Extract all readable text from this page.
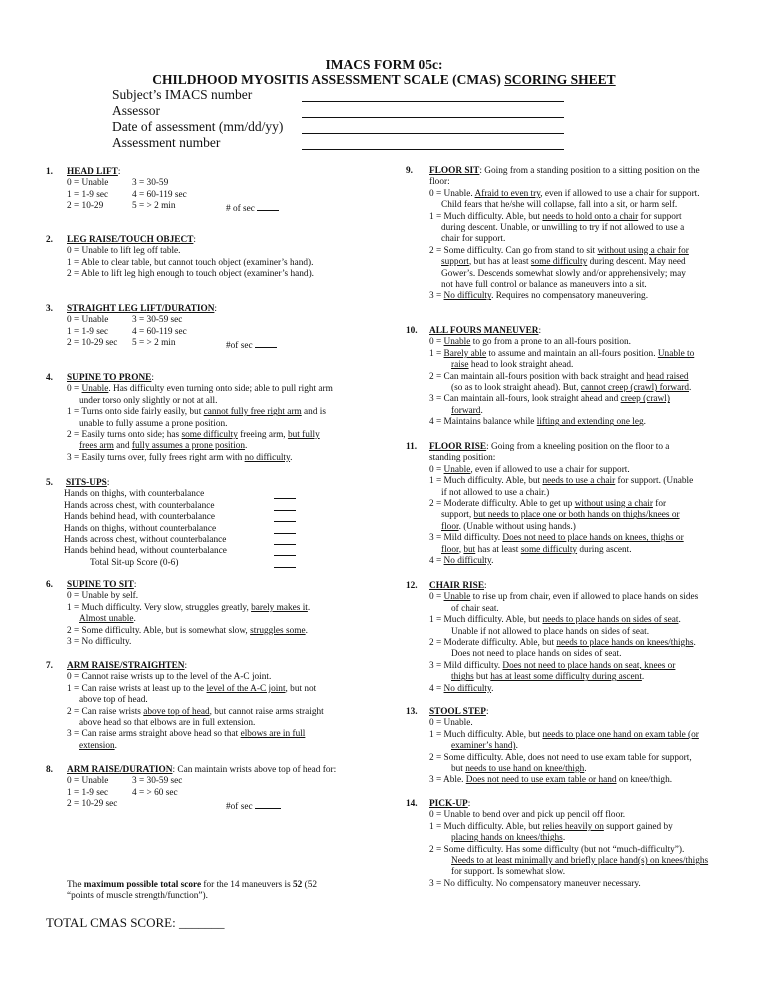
IMACS FORM 05c:
CHILDHOOD MYOSITIS ASSESSMENT SCALE (CMAS) SCORING SHEET
Subject’s IMACS number
Assessor
Date of assessment (mm/dd/yy)
Assessment number
1. HEAD LIFT:
0 = Unable
1 = 1-9 sec
2 = 10-29
3 = 30-59
4 = 60-119 sec
5 = > 2 min	# of sec
2. LEG RAISE/TOUCH OBJECT:
0 = Unable to lift leg off table.
1 = Able to clear table, but cannot touch object (examiner’s hand).
2 = Able to lift leg high enough to touch object (examiner’s hand).
3. STRAIGHT LEG LIFT/DURATION:
0 = Unable
1 = 1-9 sec
2 = 10-29 sec
3 = 30-59 sec
4 = 60-119 sec
5 = > 2 min	#of sec
4. SUPINE TO PRONE:
0 = Unable. Has difficulty even turning onto side; able to pull right arm
under torso only slightly or not at all.
1 = Turns onto side fairly easily, but cannot fully free right arm and is
unable to fully assume a prone position.
2 = Easily turns onto side; has some difficulty freeing arm, but fully
frees arm and fully assumes a prone position.
3 = Easily turns over, fully frees right arm with no difficulty.
5. SITS-UPS:
Hands on thighs, with counterbalance
Hands across chest, with counterbalance
Hands behind head, with counterbalance
Hands on thighs, without counterbalance
Hands across chest, without counterbalance
Hands behind head, without counterbalance
Total Sit-up Score (0-6)
6. SUPINE TO SIT:
0 = Unable by self.
1 = Much difficulty. Very slow, struggles greatly, barely makes it.
Almost unable.
2 = Some difficulty. Able, but is somewhat slow, struggles some.
3 = No difficulty.
7. ARM RAISE/STRAIGHTEN:
0 = Cannot raise wrists up to the level of the A-C joint.
1 = Can raise wrists at least up to the level of the A-C joint, but not
above top of head.
2 = Can raise wrists above top of head, but cannot raise arms straight
above head so that elbows are in full extension.
3 = Can raise arms straight above head so that elbows are in full
extension.
8. ARM RAISE/DURATION: Can maintain wrists above top of head for:
0 = Unable
1 = 1-9 sec
2 = 10-29 sec
3 = 30-59 sec
4 = > 60 sec
#of sec
The maximum possible total score for the 14 maneuvers is 52 (52
“points of muscle strength/function”).
TOTAL CMAS SCORE: _______
9. FLOOR SIT: Going from a standing position to a sitting position on the
floor:
0 = Unable. Afraid to even try, even if allowed to use a chair for support.
Child fears that he/she will collapse, fall into a sit, or harm self.
1 = Much difficulty. Able, but needs to hold onto a chair for support
during descent. Unable, or unwilling to try if not allowed to use a
chair for support.
2 = Some difficulty. Can go from stand to sit without using a chair for
support, but has at least some difficulty during descent. May need
Gower’s. Descends somewhat slowly and/or apprehensively; may
not have full control or balance as maneuvers into a sit.
3 = No difficulty. Requires no compensatory maneuvering.
10. ALL FOURS MANEUVER:
0 = Unable to go from a prone to an all-fours position.
1 = Barely able to assume and maintain an all-fours position. Unable to
raise head to look straight ahead.
2 = Can maintain all-fours position with back straight and head raised
(so as to look straight ahead). But, cannot creep (crawl) forward.
3 = Can maintain all-fours, look straight ahead and creep (crawl)
forward.
4 = Maintains balance while lifting and extending one leg.
11. FLOOR RISE: Going from a kneeling position on the floor to a
standing position:
0 = Unable, even if allowed to use a chair for support.
1 = Much difficulty. Able, but needs to use a chair for support. (Unable
if not allowed to use a chair.)
2 = Moderate difficulty. Able to get up without using a chair for
support, but needs to place one or both hands on thighs/knees or
floor. (Unable without using hands.)
3 = Mild difficulty. Does not need to place hands on knees, thighs or
floor, but has at least some difficulty during ascent.
4 = No difficulty.
12. CHAIR RISE:
0 = Unable to rise up from chair, even if allowed to place hands on sides
of chair seat.
1 = Much difficulty. Able, but needs to place hands on sides of seat.
Unable if not allowed to place hands on sides of seat.
2 = Moderate difficulty. Able, but needs to place hands on knees/thighs.
Does not need to place hands on sides of seat.
3 = Mild difficulty. Does not need to place hands on seat, knees or
thighs but has at least some difficulty during ascent.
4 = No difficulty.
13. STOOL STEP:
0 = Unable.
1 = Much difficulty. Able, but needs to place one hand on exam table (or
examiner’s hand).
2 = Some difficulty. Able, does not need to use exam table for support,
but needs to use hand on knee/thigh.
3 = Able. Does not need to use exam table or hand on knee/thigh.
14. PICK-UP:
0 = Unable to bend over and pick up pencil off floor.
1 = Much difficulty. Able, but relies heavily on support gained by
placing hands on knees/thighs.
2 = Some difficulty. Has some difficulty (but not “much-difficulty”).
Needs to at least minimally and briefly place hand(s) on knees/thighs
for support. Is somewhat slow.
3 = No difficulty. No compensatory maneuver necessary.
